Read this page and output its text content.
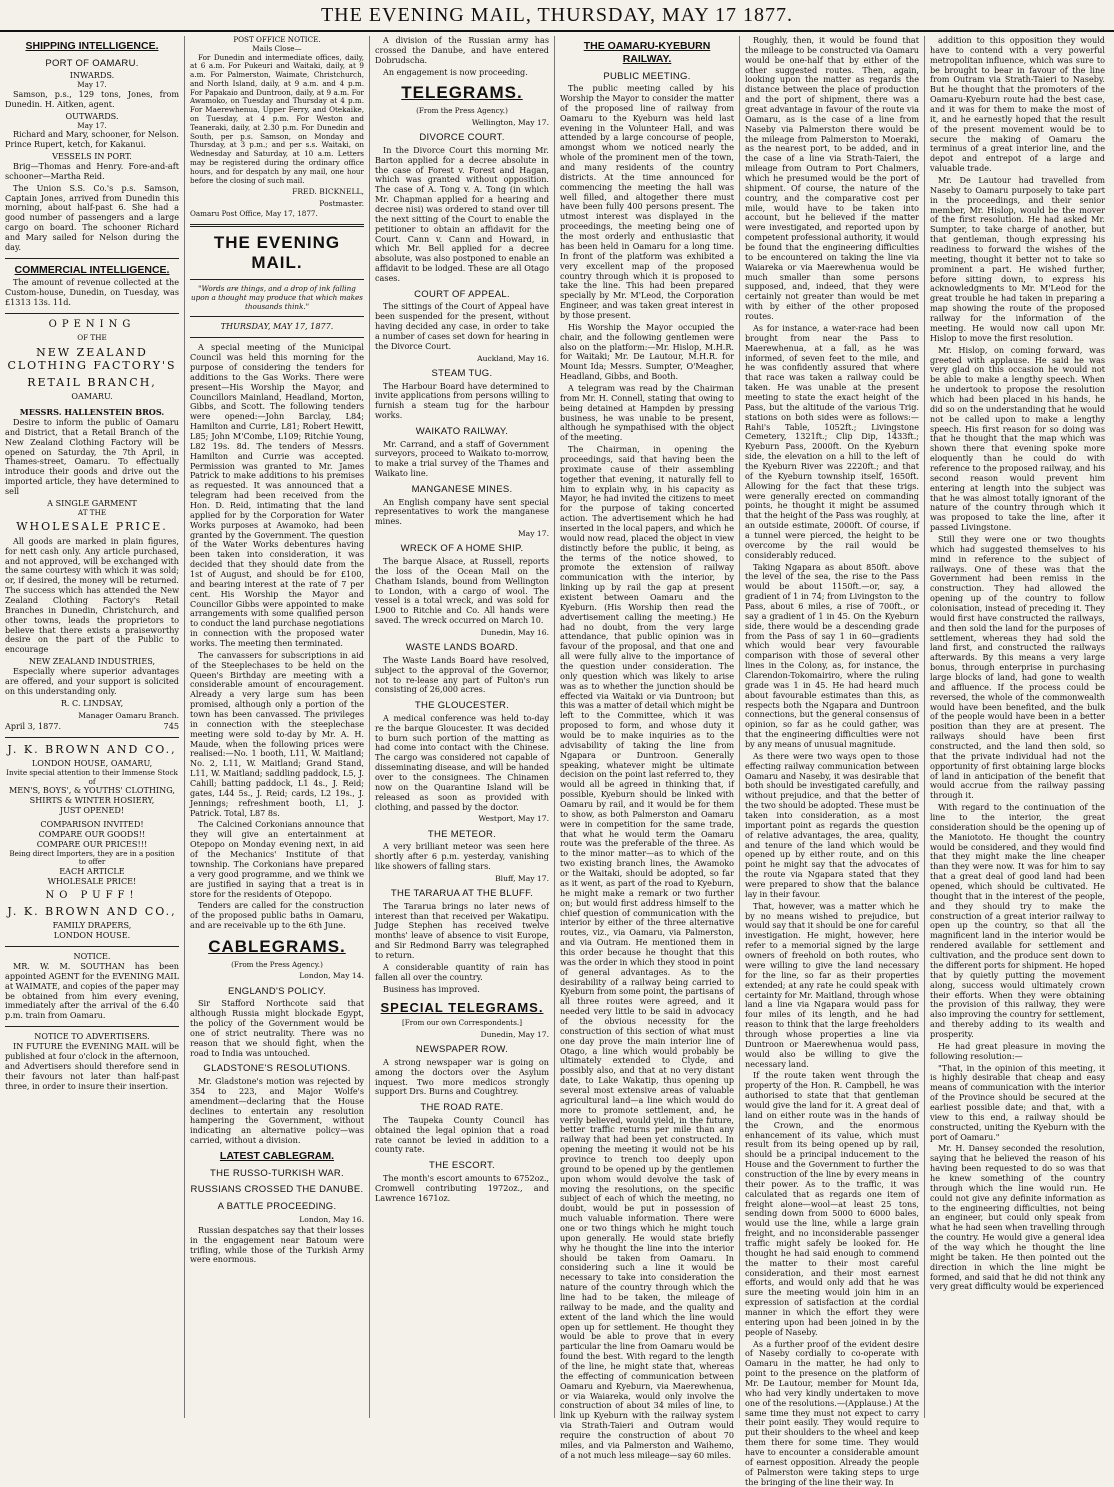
THE EVENING MAIL, THURSDAY, MAY 17 1877.
SHIPPING INTELLIGENCE.
PORT OF OAMARU.
INWARDS.
May 17.

Samson, p.s., 129 tons, Jones, from Dunedin. H. Aitken, agent.

OUTWARDS.
May 17.

Richard and Mary, schooner, for Nelson. Prince Rupert, ketch, for Kakanui.

VESSELS IN PORT.

Brig—Thomas and Henry. Fore-and-aft schooner—Martha Reid.

The Union S.S. Co.'s p.s. Samson, Captain Jones, arrived from Dunedin this morning, about half-past 6. She had a good number of passengers and a large cargo on board. The schooner Richard and Mary sailed for Nelson during the day.

COMMERCIAL INTELLIGENCE.

The amount of revenue collected at the Custom-house, Dunedin, on Tuesday, was £1313 13s. 11d.

OPENING
OF THE
NEW ZEALAND CLOTHING FACTORY'S
RETAIL BRANCH,
OAMARU.
MESSRS. HALLENSTEIN BROS.

Desire to inform the public of Oamaru and District, that a Retail Branch of the New Zealand Clothing Factory will be opened on Saturday, the 7th April, in Thames-street, Oamaru. To effectually introduce their goods and drive out the imported article, they have determined to sell

A SINGLE GARMENT
AT THE
WHOLESALE PRICE.

All goods are marked in plain figures, for nett cash only. Any article purchased, and not approved, will be exchanged with the same courtesy with which it was sold; or, if desired, the money will be returned. The success which has attended the New Zealand Clothing Factory's Retail Branches in Dunedin, Christchurch, and other towns, leads the proprietors to believe that there exists a praiseworthy desire on the part of the Public to encourage

NEW ZEALAND INDUSTRIES,

Especially where superior advantages are offered, and your support is solicited on this understanding only.

R. C. LINDSAY,
Manager Oamaru Branch.
April 3, 1877.	745
J. K. BROWN AND CO.,
LONDON HOUSE, OAMARU,
Invite special attention to their Immense Stock of
MEN'S, BOYS', & YOUTHS' CLOTHING,
SHIRTS & WINTER HOSIERY,
JUST OPENED!
COMPARISON INVITED!
COMPARE OUR GOODS!!
COMPARE OUR PRICES!!!
Being direct Importers, they are in a position to offer
EACH ARTICLE
WHOLESALE PRICE!
NO PUFF!
J. K. BROWN AND CO.,
FAMILY DRAPERS,
LONDON HOUSE.
NOTICE.

MR. W. M. SOUTHAN has been appointed AGENT for the EVENING MAIL at WAIMATE, and copies of the paper may be obtained from him every evening, immediately after the arrival of the 6.40 p.m. train from Oamaru.

NOTICE TO ADVERTISERS.

IN FUTURE the EVENING MAIL will be published at four o'clock in the afternoon, and Advertisers should therefore send in their favours not later than half-past three, in order to insure their insertion.

POST OFFICE NOTICE.
Mails Close—

For Dunedin and intermediate offices, daily, at 6 a.m. For Pukeuri and Waitaki, daily, at 9 a.m. For Palmerston, Waimate, Christchurch, and North Island, daily, at 9 a.m. and 4 p.m. For Papakaio and Duntroon, daily, at 9 a.m. For Awamoko, on Tuesday and Thursday at 4 p.m. For Maerewhenua, Upper Ferry, and Otekaike, on Tuesday, at 4 p.m. For Weston and Teaneraki, daily, at 2.30 p.m. For Dunedin and South, per p.s. Samson, on Monday and Thursday, at 3 p.m.; and per s.s. Waitaki, on Wednesday and Saturday, at 10 a.m. Letters may be registered during the ordinary office hours, and for despatch by any mail, one hour before the closing of such mail.

FRED. BICKNELL,
Postmaster.
Oamaru Post Office, May 17, 1877.
THE EVENING MAIL.
"Words are things, and a drop of ink falling upon a thought may produce that which makes thousands think."
THURSDAY, MAY 17, 1877.

A special meeting of the Municipal Council was held this morning for the purpose of considering the tenders for additions to the Gas Works. There were present—His Worship the Mayor, and Councillors Mainland, Headland, Morton, Gibbs, and Scott. The following tenders were opened:—John Barclay, L84; Hamilton and Currie, L81; Robert Hewitt, L85; John M'Combe, L109; Ritchie Young, L82 19s. 8d. The tenders of Messrs. Hamilton and Currie was accepted. Permission was granted to Mr. James Patrick to make additions to his premises as requested. It was announced that a telegram had been received from the Hon. D. Reid, intimating that the land applied for by the Corporation for Water Works purposes at Awamoko, had been granted by the Government. The question of the Water Works debentures having been taken into consideration, it was decided that they should date from the 1st of August, and should be for £100, and bearing interest at the rate of 7 per cent. His Worship the Mayor and Councillor Gibbs were appointed to make arrangements with some qualified person to conduct the land purchase negotiations in connection with the proposed water works. The meeting then terminated.

The canvassers for subscriptions in aid of the Steeplechases to be held on the Queen's Birthday are meeting with a considerable amount of encouragement. Already a very large sum has been promised, although only a portion of the town has been canvassed. The privileges in connection with the steeplechase meeting were sold to-day by Mr. A. H. Maude, when the following prices were realised:—No. 1 booth, L11, W. Maitland; No. 2, L11, W. Maitland; Grand Stand, L11, W. Maitland; saddling paddock, L5, J. Cahill; batting paddock, L1 4s., J. Reid; gates, L44 5s., J. Reid; cards, L2 19s., J. Jennings; refreshment booth, L1, J. Patrick. Total, L87 8s.

The Calcined Corkonians announce that they will give an entertainment at Otepopo on Monday evening next, in aid of the Mechanics' Institute of that township. The Corkonians have prepared a very good programme, and we think we are justified in saying that a treat is in store for the residents of Otepopo.

Tenders are called for the construction of the proposed public baths in Oamaru, and are receivable up to the 6th June.

CABLEGRAMS.
(From the Press Agency.)
London, May 14.
ENGLAND'S POLICY.

Sir Stafford Northcote said that although Russia might blockade Egypt, the policy of the Government would be one of strict neutrality. There was no reason that we should fight, when the road to India was untouched.

GLADSTONE'S RESOLUTIONS.

Mr. Gladstone's motion was rejected by 354 to 223, and Major Wolfe's amendment—declaring that the House declines to entertain any resolution hampering the Government, without indicating an alternative policy—was carried, without a division.

LATEST CABLEGRAM.
THE RUSSO-TURKISH WAR.
RUSSIANS CROSSED THE DANUBE.
A BATTLE PROCEEDING.
London, May 16.

Russian despatches say that their losses in the engagement near Batoum were trifling, while those of the Turkish Army were enormous.

A division of the Russian army has crossed the Danube, and have entered Dobrudscha.

An engagement is now proceeding.

TELEGRAMS.
(From the Press Agency.)
Wellington, May 17.
DIVORCE COURT.

In the Divorce Court this morning Mr. Barton applied for a decree absolute in the case of Forest v. Forest and Hagan, which was granted without opposition. The case of A. Tong v. A. Tong (in which Mr. Chapman applied for a hearing and decree nisi) was ordered to stand over till the next sitting of the Court to enable the petitioner to obtain an affidavit for the Court. Cann v. Cann and Howard, in which Mr. Bell applied for a decree absolute, was also postponed to enable an affidavit to be lodged. These are all Otago cases.

COURT OF APPEAL.

The sittings of the Court of Appeal have been suspended for the present, without having decided any case, in order to take a number of cases set down for hearing in the Divorce Court.

Auckland, May 16.
STEAM TUG.

The Harbour Board have determined to invite applications from persons willing to furnish a steam tug for the harbour works.

WAIKATO RAILWAY.

Mr. Carrand, and a staff of Government surveyors, proceed to Waikato to-morrow, to make a trial survey of the Thames and Waikato line.

MANGANESE MINES.

An English company have sent special representatives to work the manganese mines.

May 17.
WRECK OF A HOME SHIP.

The barque Alsace, at Russell, reports the loss of the Ocean Mail on the Chatham Islands, bound from Wellington to London, with a cargo of wool. The vessel is a total wreck, and was sold for L900 to Ritchie and Co. All hands were saved. The wreck occurred on March 10.

Dunedin, May 16.
WASTE LANDS BOARD.

The Waste Lands Board have resolved, subject to the approval of the Governor, not to re-lease any part of Fulton's run consisting of 26,000 acres.

THE GLOUCESTER.

A medical conference was held to-day re the barque Gloucester. It was decided to burn such portion of the matting as had come into contact with the Chinese. The cargo was considered not capable of disseminating disease, and will be handed over to the consignees. The Chinamen now on the Quarantine Island will be released as soon as provided with clothing, and passed by the doctor.

Westport, May 17.
THE METEOR.

A very brilliant meteor was seen here shortly after 6 p.m. yesterday, vanishing like showers of falling stars.

Bluff, May 17.
THE TARARUA AT THE BLUFF.

The Tararua brings no later news of interest than that received per Wakatipu. Judge Stephen has received twelve months' leave of absence to visit Europe, and Sir Redmond Barry was telegraphed to return.

A considerable quantity of rain has fallen all over the country.

Business has improved.

SPECIAL TELEGRAMS.
[From our own Correspondents.]
Dunedin, May 17.
NEWSPAPER ROW.

A strong newspaper war is going on among the doctors over the Asylum inquest. Two more medicos strongly support Drs. Burns and Coughtrey.

THE ROAD RATE.

The Taupeka County Council has obtained the legal opinion that a road rate cannot be levied in addition to a county rate.

THE ESCORT.

The month's escort amounts to 6752oz., Cromwell contributing 1972oz., and Lawrence 1671oz.

THE OAMARU-KYEBURN RAILWAY.
PUBLIC MEETING.

The public meeting called by his Worship the Mayor to consider the matter of the proposed line of railway from Oamaru to the Kyeburn was held last evening in the Volunteer Hall, and was attended by a large concourse of people, amongst whom we noticed nearly the whole of the prominent men of the town, and many residents of the country districts. At the time announced for commencing the meeting the hall was well filled, and altogether there must have been fully 400 persons present. The utmost interest was displayed in the proceedings, the meeting being one of the most orderly and enthusiastic that has been held in Oamaru for a long time. In front of the platform was exhibited a very excellent map of the proposed country through which it is proposed to take the line. This had been prepared specially by Mr. M'Leod, the Corporation Engineer, and was taken great interest in by those present.

His Worship the Mayor occupied the chair, and the following gentlemen were also on the platform:—Mr. Hislop, M.H.R. for Waitaki; Mr. De Lautour, M.H.R. for Mount Ida; Messrs. Sumpter, O'Meagher, Headland, Gibbs, and Booth.

A telegram was read by the Chairman from Mr. H. Connell, stating that owing to being detained at Hampden by pressing business, he was unable to be present, although he sympathised with the object of the meeting.

The Chairman, in opening the proceedings, said that having been the proximate cause of their assembling together that evening, it naturally fell to him to explain why, in his capacity as Mayor, he had invited the citizens to meet for the purpose of taking concerted action. The advertisement which he had inserted in the local papers, and which he would now read, placed the object in view distinctly before the public, it being, as the terms of the notice showed, to promote the extension of railway communication with the interior, by linking up by rail the gap at present existent between Oamaru and the Kyeburn. (His Worship then read the advertisement calling the meeting.) He had no doubt, from the very large attendance, that public opinion was in favour of the proposal, and that one and all were fully alive to the importance of the question under consideration. The only question which was likely to arise was as to whether the junction should be effected via Waitaki or via Duntroon; but this was a matter of detail which might be left to the Committee, which it was proposed to form, and whose duty it would be to make inquiries as to the advisability of taking the line from Ngapara or Duntroon. Generally speaking, whatever might be ultimate decision on the point last referred to, they would all be agreed in thinking that, if possible, Kyeburn should be linked with Oamaru by rail, and it would be for them to show, as both Palmerston and Oamaru were in competition for the same trade, that what he would term the Oamaru route was the preferable of the three. As to the minor matter—as to which of the two existing branch lines, the Awamoko or the Waitaki, should be adopted, so far as it went, as part of the road to Kyeburn, he might make a remark or two further on; but would first address himself to the chief question of communication with the interior by either of the three alternative routes, viz., via Oamaru, via Palmerston, and via Outram. He mentioned them in this order because he thought that this was the order in which they stood in point of general advantages. As to the desirability of a railway being carried to Kyeburn from some point, the partisans of all three routes were agreed, and it needed very little to be said in advocacy of the obvious necessity for the construction of this section of what must one day prove the main interior line of Otago, a line which would probably be ultimately extended to Clyde, and possibly also, and that at no very distant date, to Lake Wakatip, thus opening up several most extensive areas of valuable agricultural land—a line which would do more to promote settlement, and, he verily believed, would yield, in the future, better traffic returns per mile than any railway that had been yet constructed. In opening the meeting it would not be his province to trench too deeply upon ground to be opened up by the gentlemen upon whom would devolve the task of moving the resolutions, on the specific subject of each of which the meeting, no doubt, would be put in possession of much valuable information. There were one or two things which he might touch upon generally. He would state briefly why he thought the line into the interior should be taken from Oamaru. In considering such a line it would be necessary to take into consideration the nature of the country through which the line had to be taken, the mileage of railway to be made, and the quality and extent of the land which the line would open up for settlement. He thought they would be able to prove that in every particular the line from Oamaru would be found the best. With regard to the length of the line, he might state that, whereas the effecting of communication between Oamaru and Kyeburn, via Maerewhenua, or via Waiareka, would only involve the construction of about 34 miles of line, to link up Kyeburn with the railway system via Strath-Taieri and Outram would require the construction of about 70 miles, and via Palmerston and Waihemo, of a not much less mileage—say 60 miles.

Roughly, then, it would be found that the mileage to be constructed via Oamaru would be one-half that by either of the other suggested routes. Then, again, looking upon the matter as regards the distance between the place of production and the port of shipment, there was a great advantage in favour of the route via Oamaru, as is the case of a line from Naseby via Palmerston there would be the mileage from Palmerston to Moeraki, as the nearest port, to be added, and in the case of a line via Strath-Taieri, the mileage from Outram to Port Chalmers, which he presumed would be the port of shipment. Of course, the nature of the country, and the comparative cost per mile, would have to be taken into account, but he believed if the matter were investigated, and reported upon by competent professional authority, it would be found that the engineering difficulties to be encountered on taking the line via Waiareka or via Maerewhenua would be much smaller than some persons supposed, and, indeed, that they were certainly not greater than would be met with by either of the other proposed routes.

As for instance, a water-race had been brought from near the Pass to Maerewhenua, at a fall, as he was informed, of seven feet to the mile, and he was confidently assured that where that race was taken a railway could be taken. He was unable at the present meeting to state the exact height of the Pass, but the altitude of the various Trig. stations on both sides were as follows:—Rahi's Table, 1052ft.; Livingstone Cemetery, 1321ft.; Clip Dip, 1433ft.; Kyeburn Pass, 2000ft. On the Kyeburn side, the elevation on a hill to the left of the Kyeburn River was 2220ft.; and that of the Kyeburn township itself, 1650ft. Allowing for the fact that these trigs. were generally erected on commanding points, he thought it might be assumed that the height of the Pass was roughly, at an outside estimate, 2000ft. Of course, if a tunnel were pierced, the height to be overcome by the rail would be considerably reduced.

Taking Ngapara as about 850ft. above the level of the sea, the rise to the Pass would be about 1150ft.—or, say, a gradient of 1 in 74; from Livingston to the Pass, about 6 miles, a rise of 700ft., or say a gradient of 1 in 45. On the Kyeburn side, there would be a descending grade from the Pass of say 1 in 60—gradients which would bear very favourable comparison with those of several other lines in the Colony, as, for instance, the Clarendon-Tokomairiro, where the ruling grade was 1 in 45. He had heard much about favourable estimates than this, as respects both the Ngapara and Duntroon connections, but the general consensus of opinion, so far as he could gather, was that the engineering difficulties were not by any means of unusual magnitude.

As there were two ways open to those effecting railway communication between Oamaru and Naseby, it was desirable that both should be investigated carefully, and without prejudice, and that the better of the two should be adopted. These must be taken into consideration, as a most important point as regards the question of relative advantages, the area, quality, and tenure of the land which would be opened up by either route, and on this point he might say that the advocates of the route via Ngapara stated that they were prepared to show that the balance lay in their favour.

That, however, was a matter which he by no means wished to prejudice, but would say that it should be one for careful investigation. He might, however, here refer to a memorial signed by the large owners of freehold on both routes, who were willing to give the land necessary for the line, so far as their properties extended; at any rate he could speak with certainty for Mr. Maitland, through whose land a line via Ngapara would pass for four miles of its length, and he had reason to think that the large freeholders through whose properties a line via Duntroon or Maerewhenua would pass, would also be willing to give the necessary land.

If the route taken went through the property of the Hon. R. Campbell, he was authorised to state that that gentleman would give the land for it. A great deal of land on either route was in the hands of the Crown, and the enormous enhancement of its value, which must result from its being opened up by rail, should be a principal inducement to the House and the Government to further the construction of the line by every means in their power. As to the traffic, it was calculated that as regards one item of freight alone—wool—at least 25 tons, sending down from 5000 to 6000 bales, would use the line, while a large grain freight, and no inconsiderable passenger traffic might safely be looked for. He thought he had said enough to commend the matter to their most careful consideration, and their most earnest efforts, and would only add that he was sure the meeting would join him in an expression of satisfaction at the cordial manner in which the effort they were entering upon had been joined in by the people of Naseby.

As a further proof of the evident desire of Naseby cordially to co-operate with Oamaru in the matter, he had only to point to the presence on the platform of Mr. De Lautour, member for Mount Ida, who had very kindly undertaken to move one of the resolutions.—(Applause.) At the same time they must not expect to carry their point easily. They would require to put their shoulders to the wheel and keep them there for some time. They would have to encounter a considerable amount of earnest opposition. Already the people of Palmerston were taking steps to urge the bringing of the line their way. In

addition to this opposition they would have to contend with a very powerful metropolitan influence, which was sure to be brought to bear in favour of the line from Outram via Strath-Taieri to Naseby. But he thought that the promoters of the Oamaru-Kyeburn route had the best case, and it was for them to make the most of it, and he earnestly hoped that the result of the present movement would be to secure the making of Oamaru the terminus of a great interior line, and the depot and entrepot of a large and valuable trade.

Mr. De Lautour had travelled from Naseby to Oamaru purposely to take part in the proceedings, and their senior member, Mr. Hislop, would be the mover of the first resolution. He had asked Mr. Sumpter, to take charge of another, but that gentleman, though expressing his readiness to forward the wishes of the meeting, thought it better not to take so prominent a part. He wished further, before sitting down, to express his acknowledgments to Mr. M'Leod for the great trouble he had taken in preparing a map showing the route of the proposed railway for the information of the meeting. He would now call upon Mr. Hislop to move the first resolution.

Mr. Hislop, on coming forward, was greeted with applause. He said he was very glad on this occasion he would not be able to make a lengthy speech. When he undertook to propose the resolution which had been placed in his hands, he did so on the understanding that he would not be called upon to make a lengthy speech. His first reason for so doing was that he thought that the map which was shown there that evening spoke more eloquently than he could do with reference to the proposed railway, and his second reason would prevent him entering at length into the subject was that he was almost totally ignorant of the nature of the country through which it was proposed to take the line, after it passed Livingstone.

Still they were one or two thoughts which had suggested themselves to his mind in reference to the subject of railways. One of these was that the Government had been remiss in the construction. They had allowed the opening up of the country to follow colonisation, instead of preceding it. They would first have constructed the railways, and then sold the land for the purposes of settlement, whereas they had sold the land first, and constructed the railways afterwards. By this means a very large bonus, through enterprise in purchasing large blocks of land, had gone to wealth and affluence. If the process could be reversed, the whole of the commonwealth would have been benefited, and the bulk of the people would have been in a better position than they are at present. The railways should have been first constructed, and the land then sold, so that the private individual had not the opportunity of first obtaining large blocks of land in anticipation of the benefit that would accrue from the railway passing through it.

With regard to the continuation of the line to the interior, the great consideration should be the opening up of the Maniototo. He thought the country would be considered, and they would find that they might make the line cheaper than they were now. It was for him to say that a great deal of good land had been opened, which should be cultivated. He thought that in the interest of the people, and they should try to make the construction of a great interior railway to open up the country, so that all the magnificent land in the interior would be rendered available for settlement and cultivation, and the produce sent down to the different ports for shipment. He hoped that by quietly putting the movement along, success would ultimately crown their efforts. When they were obtaining the provision of this railway, they were also improving the country for settlement, and thereby adding to its wealth and prosperity.

He had great pleasure in moving the following resolution:—

"That, in the opinion of this meeting, it is highly desirable that cheap and easy means of communication with the interior of the Province should be secured at the earliest possible date; and that, with a view to this end, a railway should be constructed, uniting the Kyeburn with the port of Oamaru."

Mr. H. Dansey seconded the resolution, saying that he believed the reason of his having been requested to do so was that he knew something of the country through which the line would run. He could not give any definite information as to the engineering difficulties, not being an engineer, but could only speak from what he had seen when travelling through the country. He would give a general idea of the way which he thought the line might be taken. He then pointed out the direction in which the line might be formed, and said that he did not think any very great difficulty would be experienced
